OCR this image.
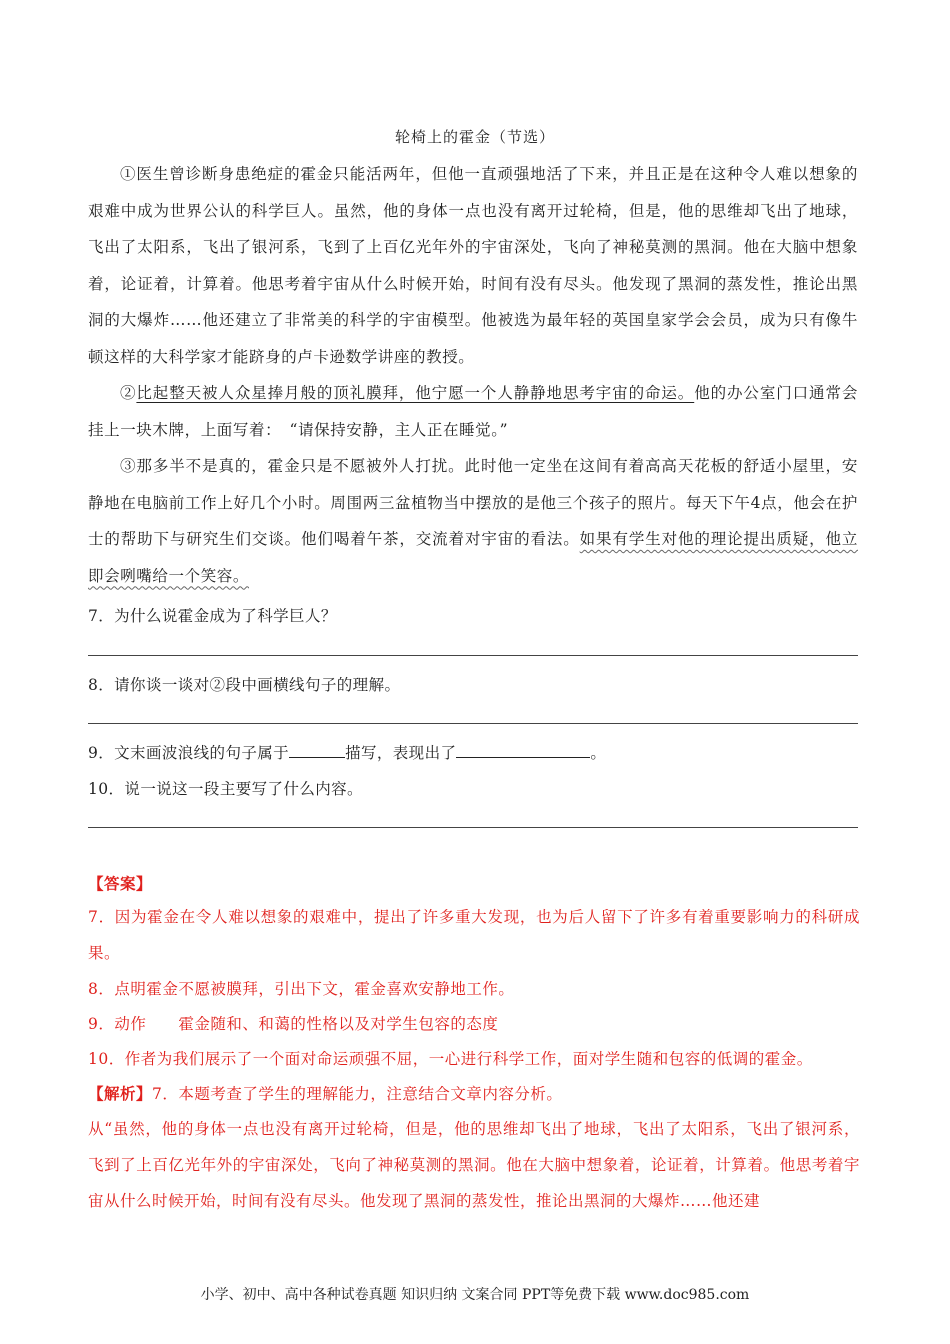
轮椅上的霍金（节选）
①医生曾诊断身患绝症的霍金只能活两年，但他一直顽强地活了下来，并且正是在这种令人难以想象的艰难中成为世界公认的科学巨人。虽然，他的身体一点也没有离开过轮椅，但是，他的思维却飞出了地球，飞出了太阳系，飞出了银河系，飞到了上百亿光年外的宇宙深处，飞向了神秘莫测的黑洞。他在大脑中想象着，论证着，计算着。他思考着宇宙从什么时候开始，时间有没有尽头。他发现了黑洞的蒸发性，推论出黑洞的大爆炸……他还建立了非常美的科学的宇宙模型。他被选为最年轻的英国皇家学会会员，成为只有像牛顿这样的大科学家才能跻身的卢卡逊数学讲座的教授。
②比起整天被人众星捧月般的顶礼膜拜，他宁愿一个人静静地思考宇宙的命运。他的办公室门口通常会挂上一块木牌，上面写着：　“请保持安静，主人正在睡觉。”
③那多半不是真的，霍金只是不愿被外人打扰。此时他一定坐在这间有着高高天花板的舒适小屋里，安静地在电脑前工作上好几个小时。周围两三盆植物当中摆放的是他三个孩子的照片。每天下午4点，他会在护士的帮助下与研究生们交谈。他们喝着午茶，交流着对宇宙的看法。如果有学生对他的理论提出质疑，他立即会咧嘴给一个笑容。
7．为什么说霍金成为了科学巨人？
8．请你谈一谈对②段中画横线句子的理解。
9．文末画波浪线的句子属于	描写，表现出了	。
10．说一说这一段主要写了什么内容。
【答案】
7．因为霍金在令人难以想象的艰难中，提出了许多重大发现，也为后人留下了许多有着重要影响力的科研成果。
8．点明霍金不愿被膜拜，引出下文，霍金喜欢安静地工作。
9．动作　　霍金随和、和蔼的性格以及对学生包容的态度
10．作者为我们展示了一个面对命运顽强不屈，一心进行科学工作，面对学生随和包容的低调的霍金。
【解析】7．本题考查了学生的理解能力，注意结合文章内容分析。
从“虽然，他的身体一点也没有离开过轮椅，但是，他的思维却飞出了地球，飞出了太阳系，飞出了银河系，飞到了上百亿光年外的宇宙深处，飞向了神秘莫测的黑洞。他在大脑中想象着，论证着，计算着。他思考着宇宙从什么时候开始，时间有没有尽头。他发现了黑洞的蒸发性，推论出黑洞的大爆炸……他还建
小学、初中、高中各种试卷真题 知识归纳 文案合同 PPT等免费下载 www.doc985.com
